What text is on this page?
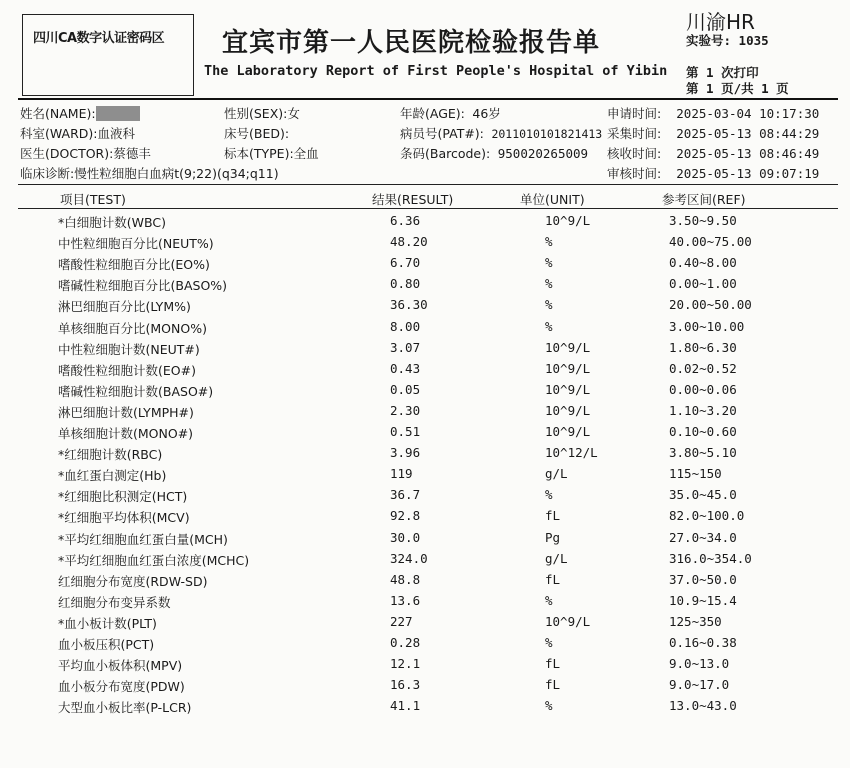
四川CA数字认证密码区 宜宾市第一人民医院检验报告单
The Laboratory Report of First People's Hospital of Yibin
川渝HR
实验号: 1035
第 1 次打印
第 1 页/共 1 页
姓名(NAME):	性别(SEX):女	年龄(AGE): 46岁	申请时间: 2025-03-04 10:17:30
科室(WARD):血液科	床号(BED):	病员号(PAT#): 2011010101821413 采集时间: 2025-05-13 08:44:29
医生(DOCTOR):蔡德丰	标本(TYPE):全血	条码(Barcode): 950020265009 核收时间: 2025-05-13 08:46:49
临床诊断:慢性粒细胞白血病t(9;22)(q34;q11)	审核时间: 2025-05-13 09:07:19
项目(TEST)	结果(RESULT)	单位(UNIT)	参考区间(REF)
*白细胞计数(WBC)	6.36	10^9/L	3.50~9.50
中性粒细胞百分比(NEUT%)	48.20	%	40.00~75.00
嗜酸性粒细胞百分比(EO%)	6.70	%	0.40~8.00
嗜碱性粒细胞百分比(BASO%)	0.80	%	0.00~1.00
淋巴细胞百分比(LYM%)	36.30	%	20.00~50.00
单核细胞百分比(MONO%)	8.00	%	3.00~10.00
中性粒细胞计数(NEUT#)	3.07	10^9/L	1.80~6.30
嗜酸性粒细胞计数(EO#)	0.43	10^9/L	0.02~0.52
嗜碱性粒细胞计数(BASO#)	0.05	10^9/L	0.00~0.06
淋巴细胞计数(LYMPH#)	2.30	10^9/L	1.10~3.20
单核细胞计数(MONO#)	0.51	10^9/L	0.10~0.60
*红细胞计数(RBC)	3.96	10^12/L	3.80~5.10
*血红蛋白测定(Hb)	119	g/L	115~150
*红细胞比积测定(HCT)	36.7	%	35.0~45.0
*红细胞平均体积(MCV)	92.8	fL	82.0~100.0
*平均红细胞血红蛋白量(MCH)	30.0	Pg	27.0~34.0
*平均红细胞血红蛋白浓度(MCHC)	324.0	g/L	316.0~354.0
红细胞分布宽度(RDW-SD)	48.8	fL	37.0~50.0
红细胞分布变异系数	13.6	%	10.9~15.4
*血小板计数(PLT)	227	10^9/L	125~350
血小板压积(PCT)	0.28	%	0.16~0.38
平均血小板体积(MPV)	12.1	fL	9.0~13.0
血小板分布宽度(PDW)	16.3	fL	9.0~17.0
大型血小板比率(P-LCR)	41.1	%	13.0~43.0
